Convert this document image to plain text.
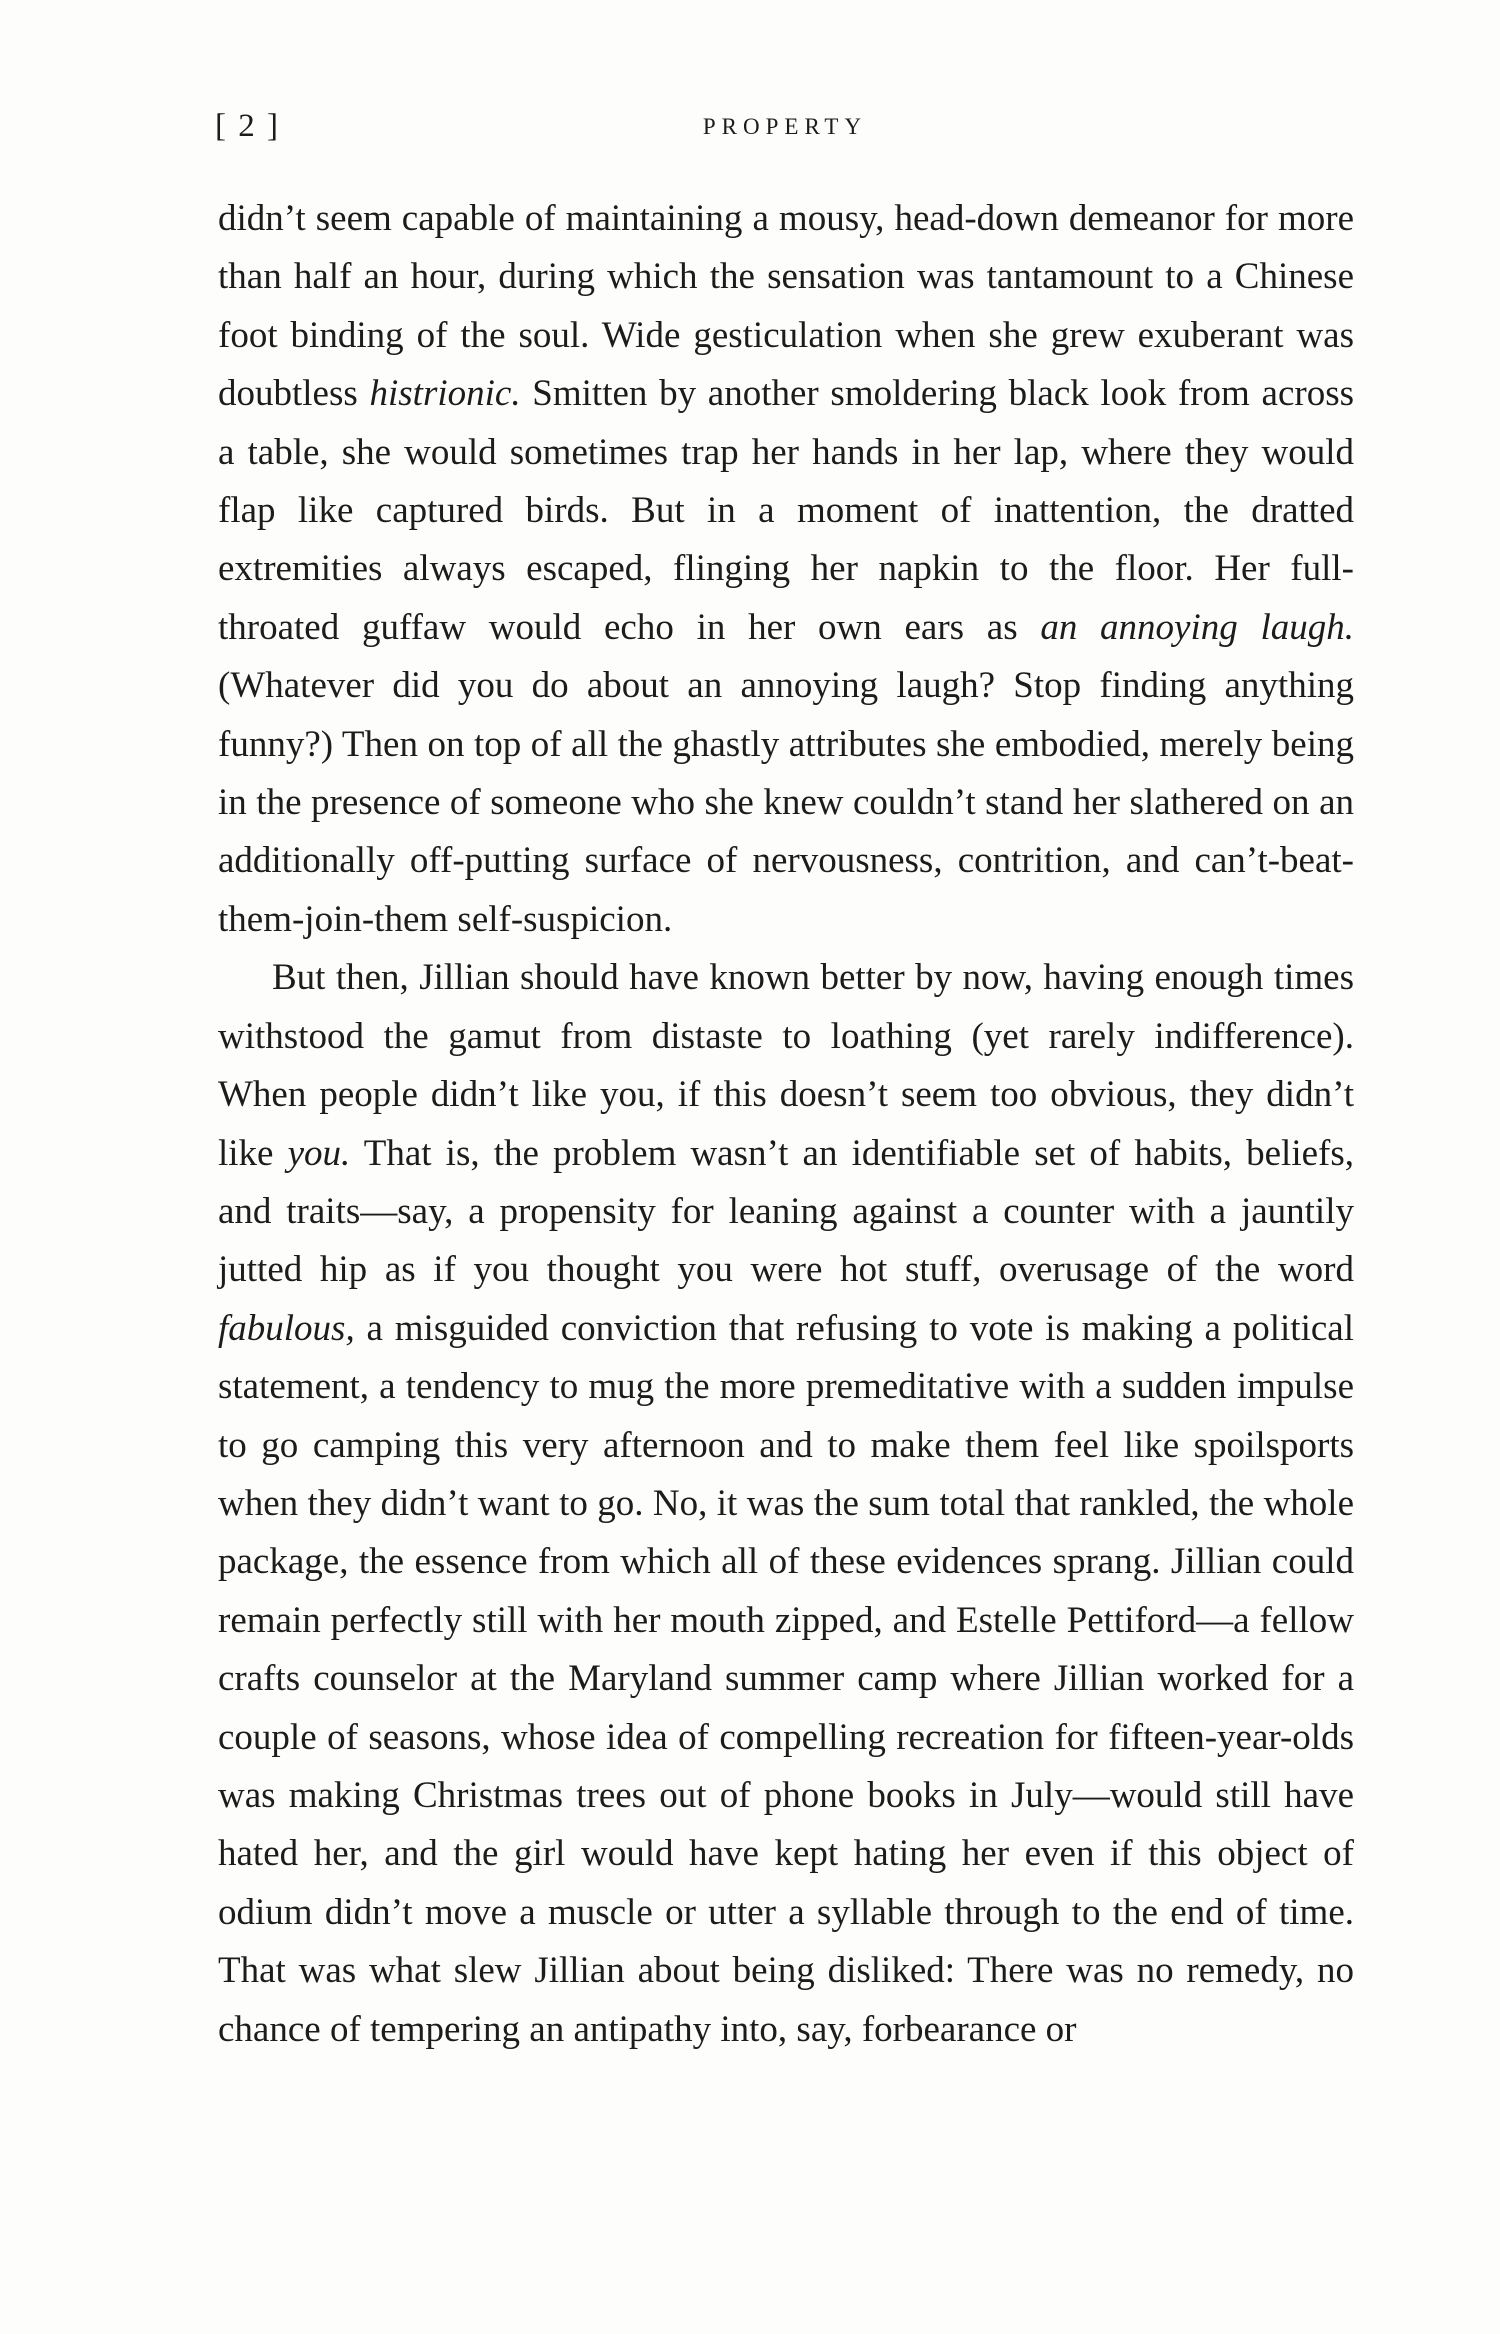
[ 2 ]	PROPERTY

didn’t seem capable of maintaining a mousy, head-down demeanor for more than half an hour, during which the sensation was tantamount to a Chinese foot binding of the soul. Wide gesticulation when she grew exuberant was doubtless histrionic. Smitten by another smoldering black look from across a table, she would sometimes trap her hands in her lap, where they would flap like captured birds. But in a moment of inattention, the dratted extremities always escaped, flinging her napkin to the floor. Her full-throated guffaw would echo in her own ears as an annoying laugh. (Whatever did you do about an annoying laugh? Stop finding anything funny?) Then on top of all the ghastly attributes she embodied, merely being in the presence of someone who she knew couldn’t stand her slathered on an additionally off-putting surface of nervousness, contrition, and can’t-beat-them-join-them self-suspicion.

But then, Jillian should have known better by now, having enough times withstood the gamut from distaste to loathing (yet rarely indifference). When people didn’t like you, if this doesn’t seem too obvious, they didn’t like you. That is, the problem wasn’t an identifiable set of habits, beliefs, and traits—say, a propensity for leaning against a counter with a jauntily jutted hip as if you thought you were hot stuff, overusage of the word fabulous, a misguided conviction that refusing to vote is making a political statement, a tendency to mug the more premeditative with a sudden impulse to go camping this very afternoon and to make them feel like spoilsports when they didn’t want to go. No, it was the sum total that rankled, the whole package, the essence from which all of these evidences sprang. Jillian could remain perfectly still with her mouth zipped, and Estelle Pettiford—a fellow crafts counselor at the Maryland summer camp where Jillian worked for a couple of seasons, whose idea of compelling recreation for fifteen-year-olds was making Christmas trees out of phone books in July—would still have hated her, and the girl would have kept hating her even if this object of odium didn’t move a muscle or utter a syllable through to the end of time. That was what slew Jillian about being disliked: There was no remedy, no chance of tempering an antipathy into, say, forbearance or
